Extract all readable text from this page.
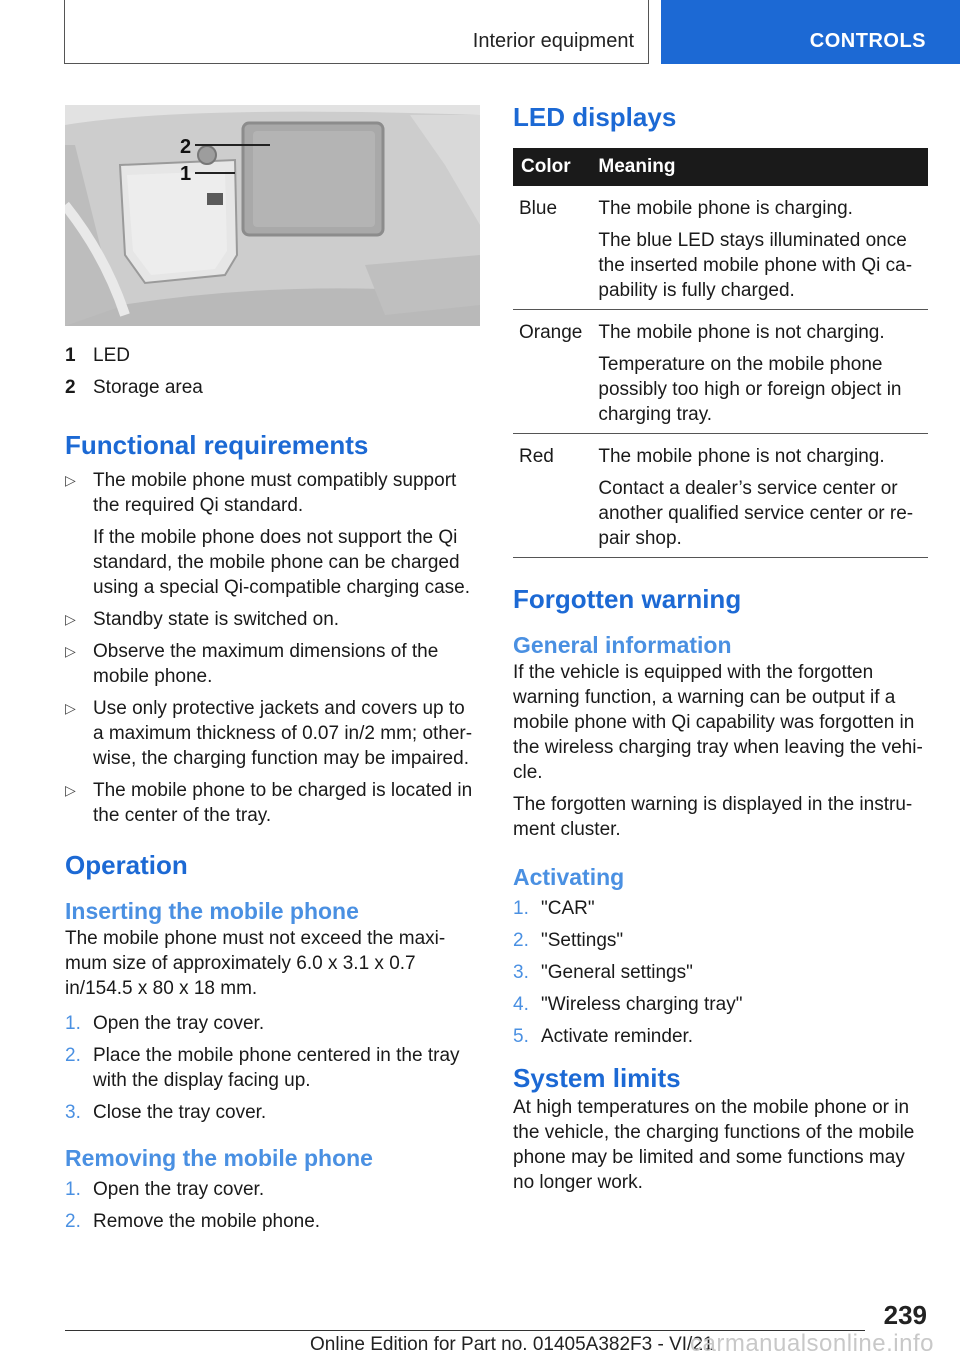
Interior equipment	CONTROLS
2
1
1 LED
2 Storage area
Functional requirements
▷ The mobile phone must compatibly support the required Qi standard.

If the mobile phone does not support the Qi standard, the mobile phone can be charged using a special Qi-compatible charging case.

▷ Standby state is switched on.

▷ Observe the maximum dimensions of the mobile phone.

▷ Use only protective jackets and covers up to a maximum thickness of 0.07 in/2 mm; other-wise, the charging function may be impaired.

▷ The mobile phone to be charged is located in the center of the tray.

Operation
Inserting the mobile phone

The mobile phone must not exceed the maxi-mum size of approximately 6.0 x 3.1 x 0.7 in/154.5 x 80 x 18 mm.

1. Open the tray cover.
2. Place the mobile phone centered in the tray with the display facing up.
3. Close the tray cover.
Removing the mobile phone
1. Open the tray cover.
2. Remove the mobile phone.
LED displays
Color	Meaning
Blue	The mobile phone is charging.

The blue LED stays illuminated once the inserted mobile phone with Qi ca-pability is fully charged.

Orange	The mobile phone is not charging.

Temperature on the mobile phone possibly too high or foreign object in charging tray.

Red	The mobile phone is not charging.

Contact a dealer’s service center or another qualified service center or re-pair shop.

Forgotten warning
General information

If the vehicle is equipped with the forgotten warning function, a warning can be output if a mobile phone with Qi capability was forgotten in the wireless charging tray when leaving the vehi-cle.

The forgotten warning is displayed in the instru-ment cluster.

Activating
1. "CAR"
2. "Settings"
3. "General settings"
4. "Wireless charging tray"
5. Activate reminder.
System limits

At high temperatures on the mobile phone or in the vehicle, the charging functions of the mobile phone may be limited and some functions may no longer work.

239
Online Edition for Part no. 01405A382F3 - VI/21
carmanualsonline.info
